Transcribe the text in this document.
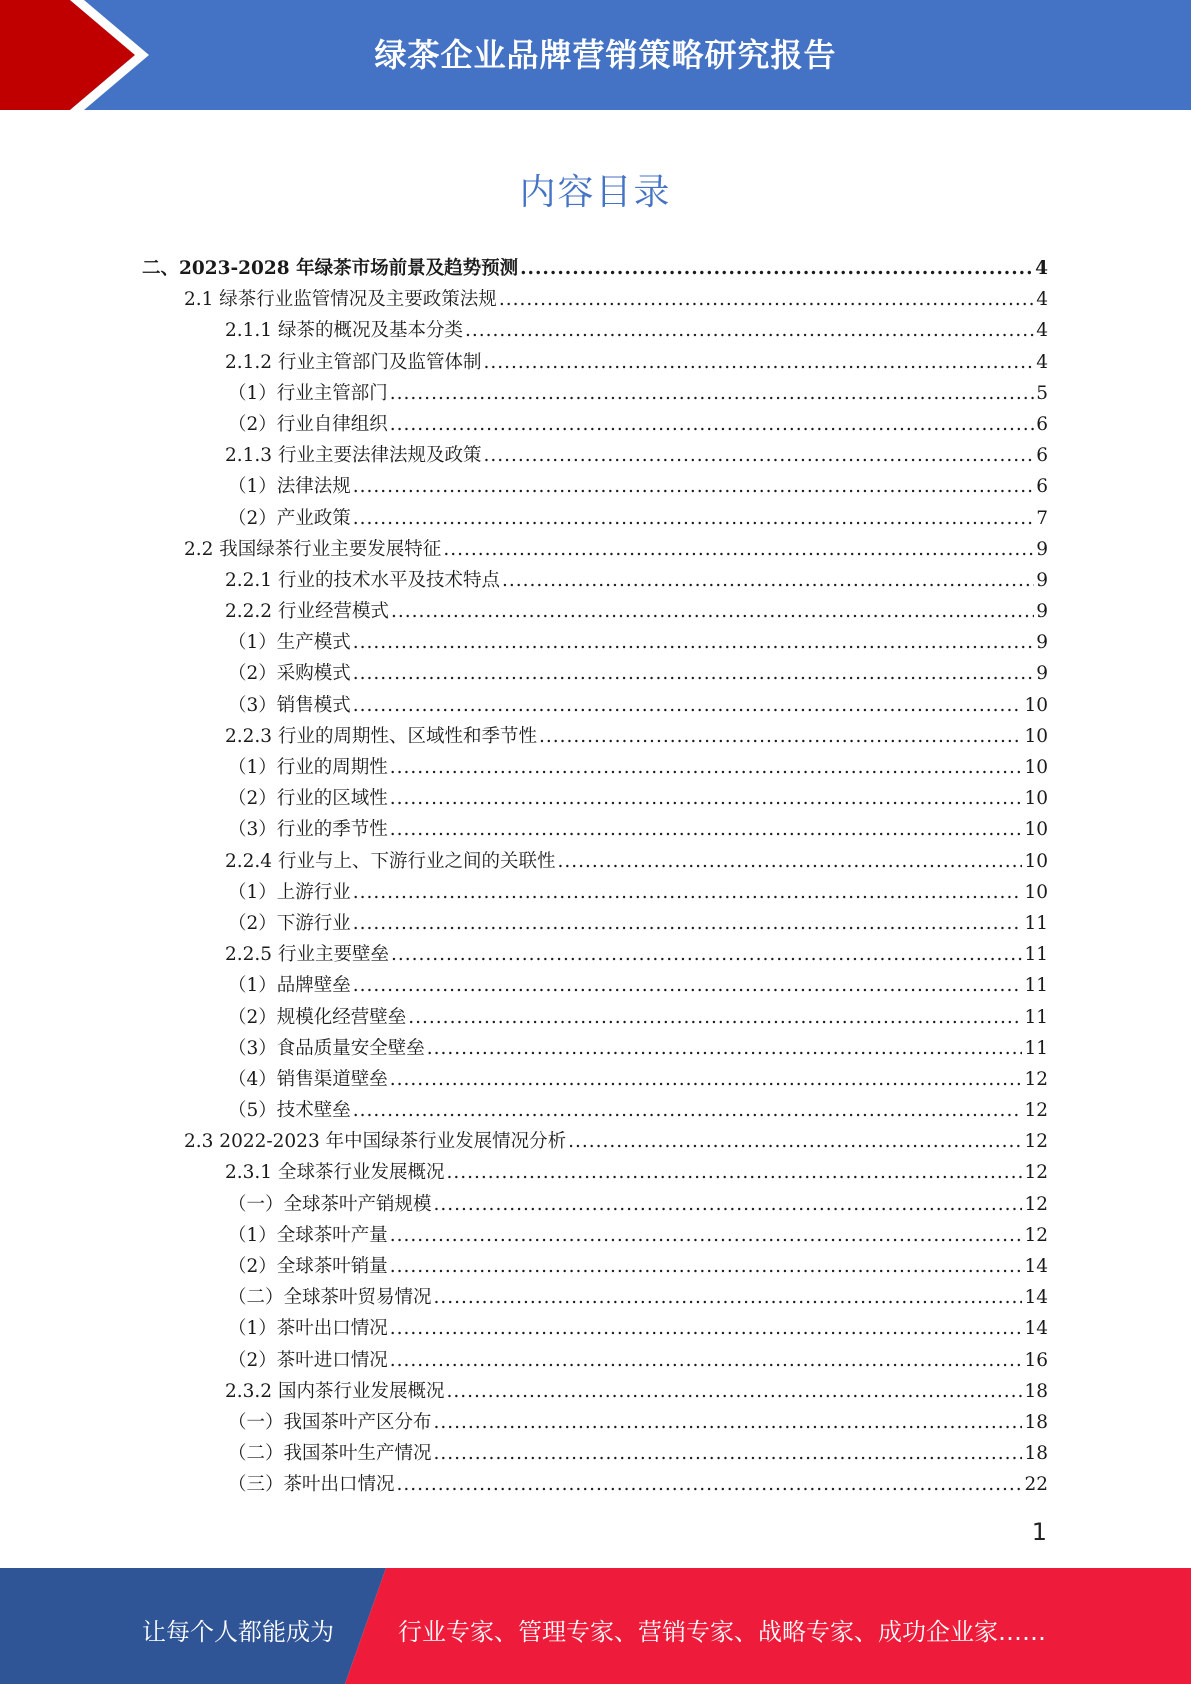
绿茶企业品牌营销策略研究报告
内容目录
二、2023-2028 年绿茶市场前景及趋势预测 .....	4
2.1 绿茶行业监管情况及主要政策法规 .....	4
2.1.1 绿茶的概况及基本分类 .....	4
2.1.2 行业主管部门及监管体制 .....	4
（1）行业主管部门 .....	5
（2）行业自律组织 .....	6
2.1.3 行业主要法律法规及政策 .....	6
（1）法律法规 .....	6
（2）产业政策 .....	7
2.2 我国绿茶行业主要发展特征 .....	9
2.2.1 行业的技术水平及技术特点 .....	9
2.2.2 行业经营模式 .....	9
（1）生产模式 .....	9
（2）采购模式 .....	9
（3）销售模式 .....	10
2.2.3 行业的周期性、区域性和季节性 .....	10
（1）行业的周期性 .....	10
（2）行业的区域性 .....	10
（3）行业的季节性 .....	10
2.2.4 行业与上、下游行业之间的关联性 .....	10
（1）上游行业 .....	10
（2）下游行业 .....	11
2.2.5 行业主要壁垒 .....	11
（1）品牌壁垒 .....	11
（2）规模化经营壁垒 .....	11
（3）食品质量安全壁垒 .....	11
（4）销售渠道壁垒 .....	12
（5）技术壁垒 .....	12
2.3 2022-2023 年中国绿茶行业发展情况分析 .....	12
2.3.1 全球茶行业发展概况 .....	12
（一）全球茶叶产销规模 .....	12
（1）全球茶叶产量 .....	12
（2）全球茶叶销量 .....	14
（二）全球茶叶贸易情况 .....	14
（1）茶叶出口情况 .....	14
（2）茶叶进口情况 .....	16
2.3.2 国内茶行业发展概况 .....	18
（一）我国茶叶产区分布 .....	18
（二）我国茶叶生产情况 .....	18
（三）茶叶出口情况 .....	22
1
让每个人都能成为	行业专家、管理专家、营销专家、战略专家、成功企业家……
